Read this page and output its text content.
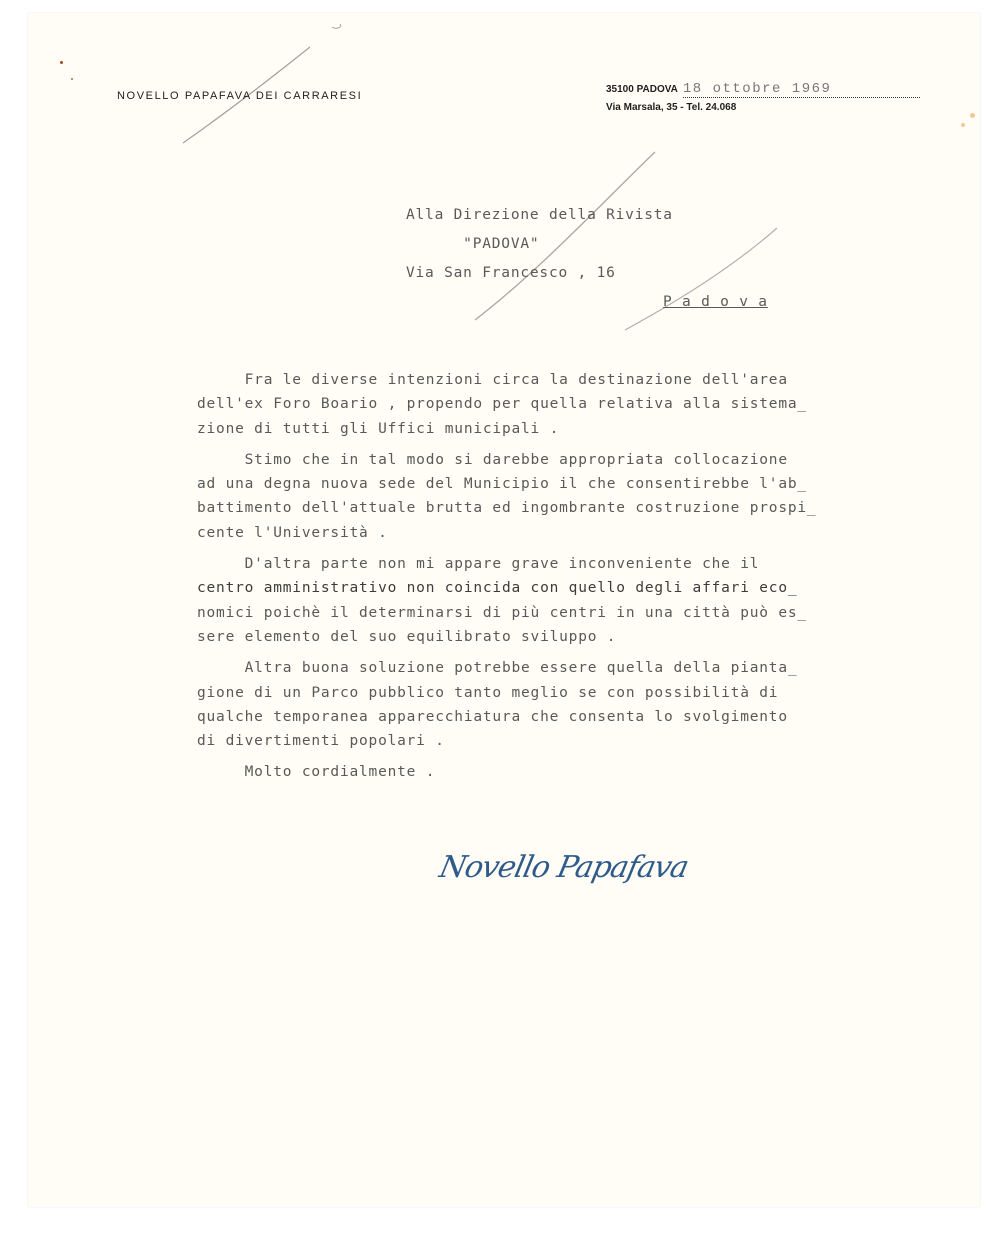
NOVELLO PAPAFAVA DEI CARRARESI
35100 PADOVA 18 ottobre 1969
Via Marsala, 35 - Tel. 24.068
Alla Direzione della Rivista
"PADOVA"
Via San Francesco , 16
P a d o v a
Fra le diverse intenzioni circa la destinazione dell'area
dell'ex Foro Boario , propendo per quella relativa alla sistema_
zione di tutti gli Uffici municipali .
Stimo che in tal modo si darebbe appropriata collocazione
ad una degna nuova sede del Municipio il che consentirebbe l'ab_
battimento dell'attuale brutta ed ingombrante costruzione prospi_
cente l'Università .
D'altra parte non mi appare grave inconveniente che il
centro amministrativo non coincida con quello degli affari eco_
nomici poichè il determinarsi di più centri in una città può es_
sere elemento del suo equilibrato sviluppo .
Altra buona soluzione potrebbe essere quella della pianta_
gione di un Parco pubblico tanto meglio se con possibilità di
qualche temporanea apparecchiatura che consenta lo svolgimento
di divertimenti popolari .
Molto cordialmente .
Novello Papafava
